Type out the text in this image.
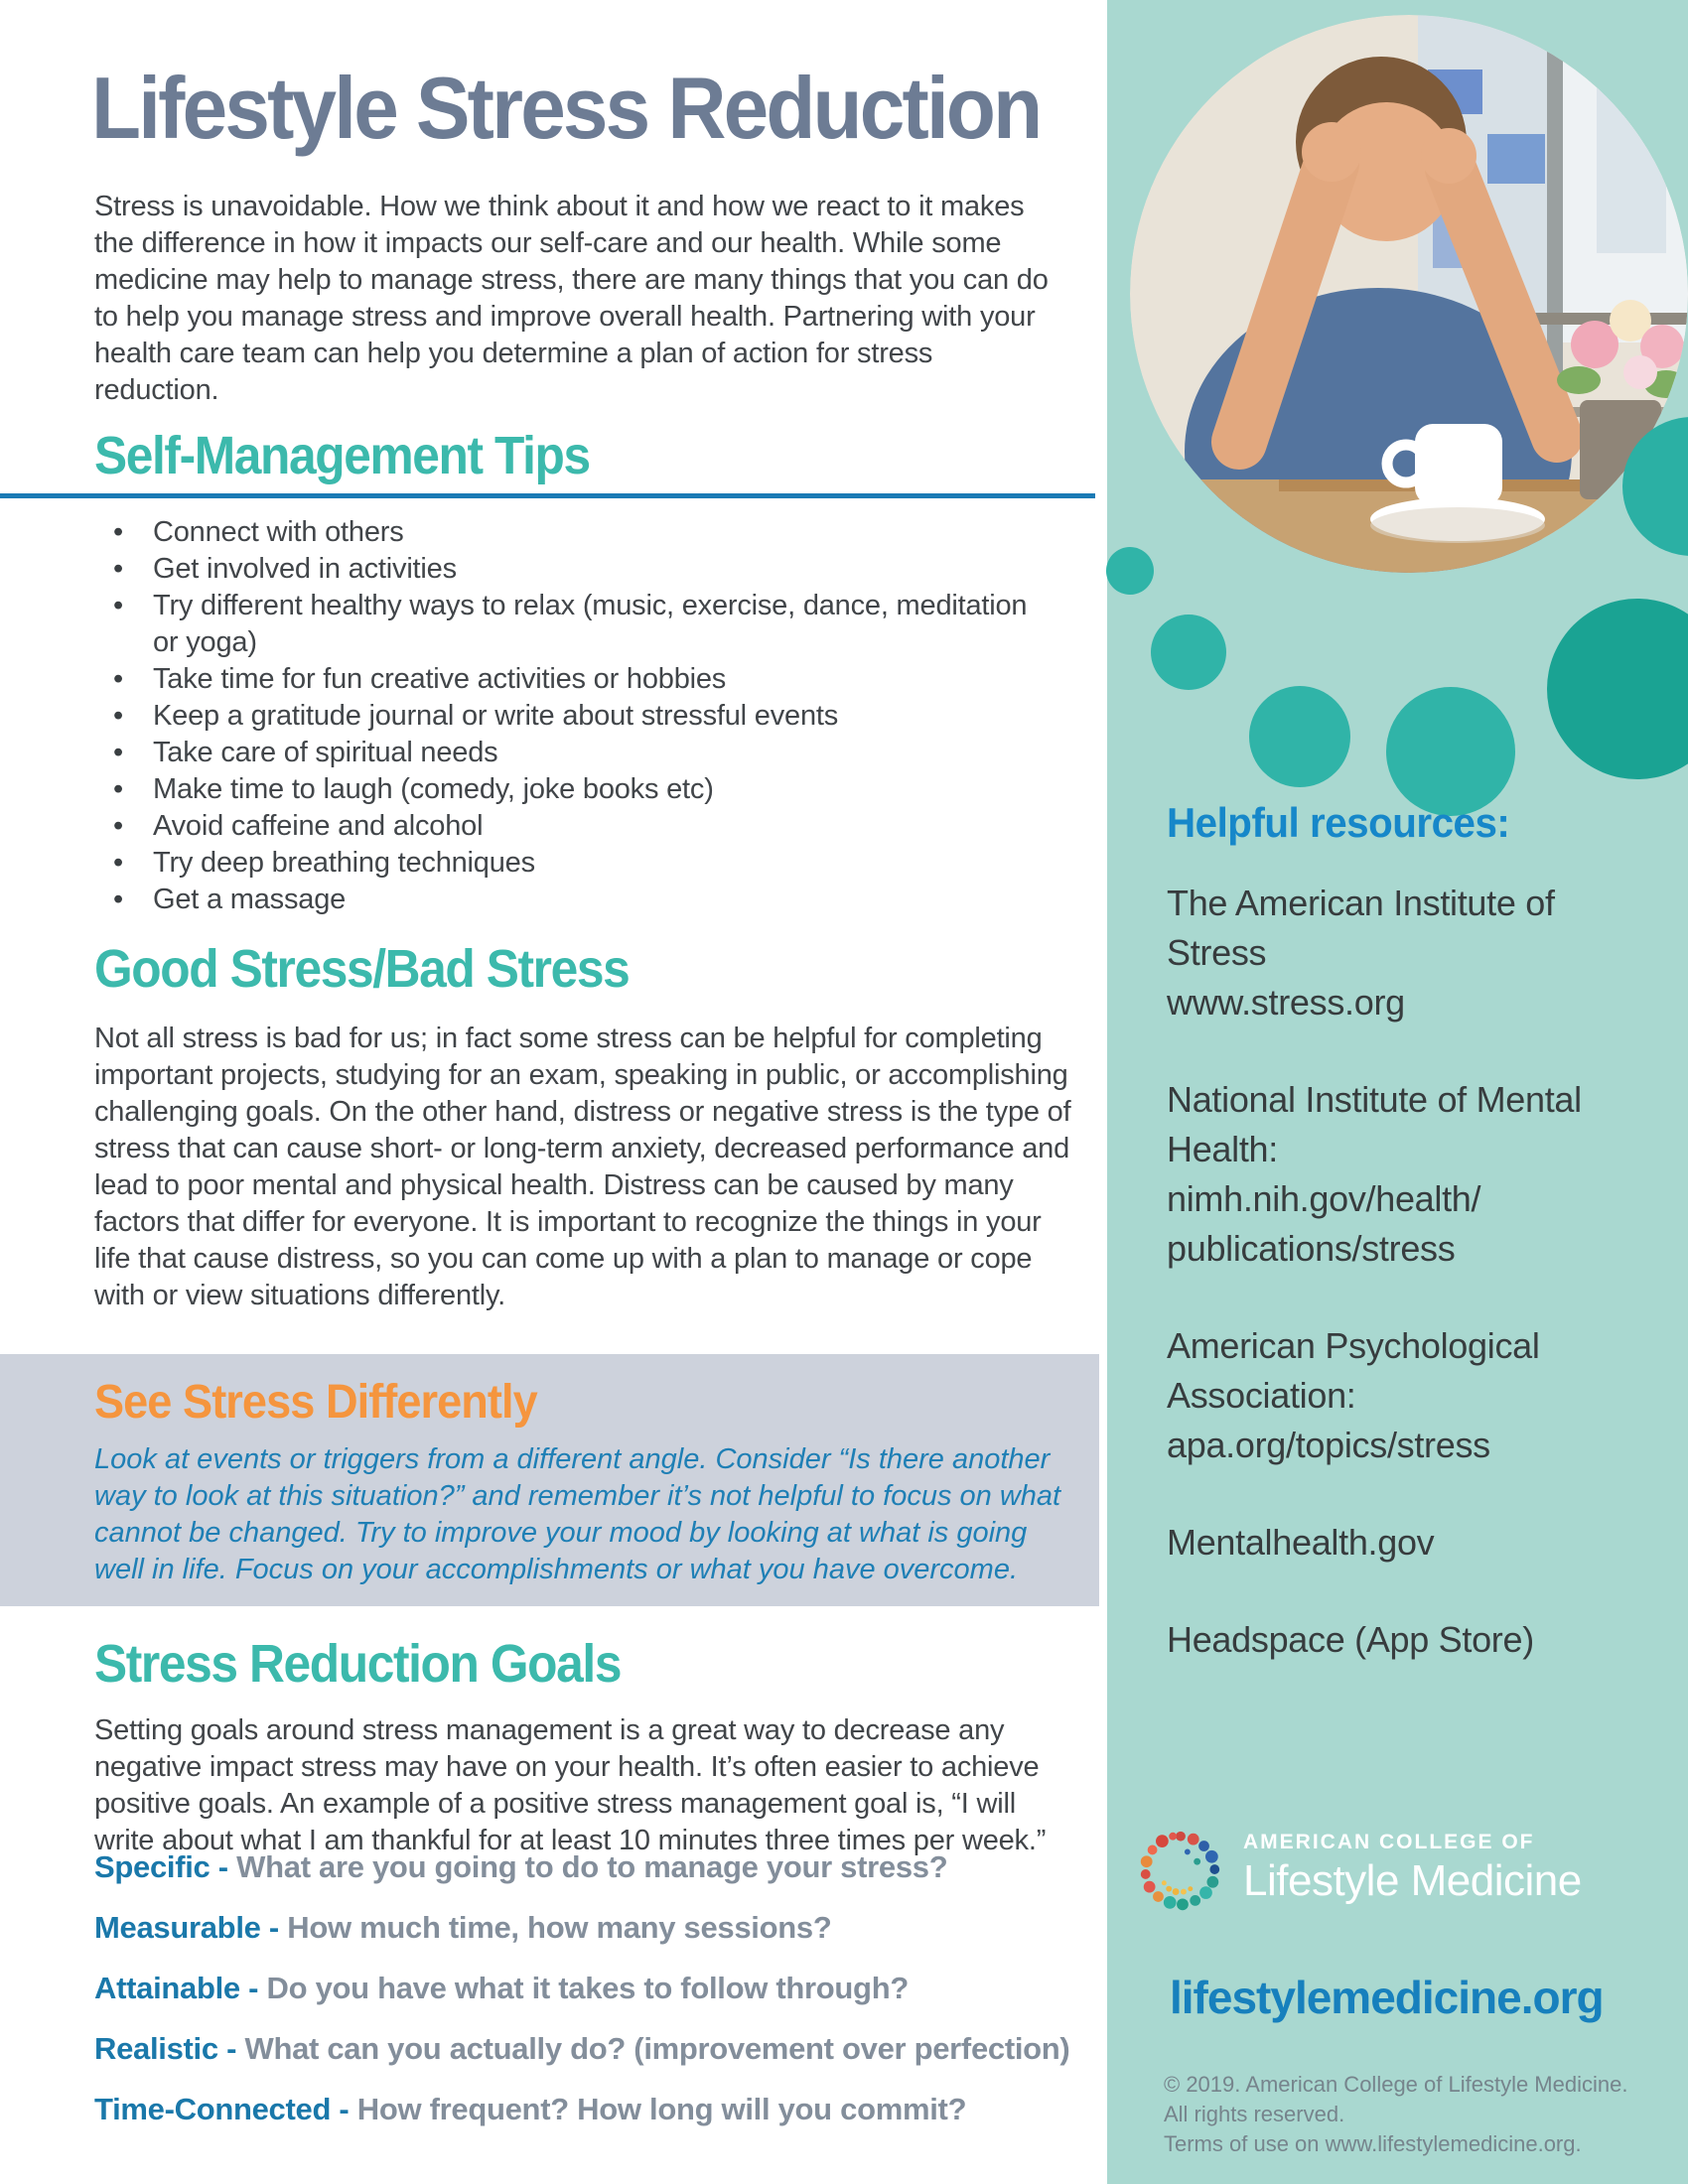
Lifestyle Stress Reduction
Stress is unavoidable. How we think about it and how we react to it makes the difference in how it impacts our self-care and our health. While some medicine may help to manage stress, there are many things that you can do to help you manage stress and improve overall health. Partnering with your health care team can help you determine a plan of action for stress reduction.
Self-Management Tips
• Connect with others
• Get involved in activities
• Try different healthy ways to relax (music, exercise, dance, meditation or yoga)
• Take time for fun creative activities or hobbies
• Keep a gratitude journal or write about stressful events
• Take care of spiritual needs
• Make time to laugh (comedy, joke books etc)
• Avoid caffeine and alcohol
• Try deep breathing techniques
• Get a massage
Good Stress/Bad Stress
Not all stress is bad for us; in fact some stress can be helpful for completing important projects, studying for an exam, speaking in public, or accomplishing challenging goals. On the other hand, distress or negative stress is the type of stress that can cause short- or long-term anxiety, decreased performance and lead to poor mental and physical health. Distress can be caused by many factors that differ for everyone. It is important to recognize the things in your life that cause distress, so you can come up with a plan to manage or cope with or view situations differently.
See Stress Differently
Look at events or triggers from a different angle. Consider “Is there another way to look at this situation?” and remember it’s not helpful to focus on what cannot be changed. Try to improve your mood by looking at what is going well in life. Focus on your accomplishments or what you have overcome.
Stress Reduction Goals
Setting goals around stress management is a great way to decrease any negative impact stress may have on your health. It’s often easier to achieve positive goals. An example of a positive stress management goal is, “I will write about what I am thankful for at least 10 minutes three times per week.”
Specific - What are you going to do to manage your stress?
Measurable - How much time, how many sessions?
Attainable - Do you have what it takes to follow through?
Realistic - What can you actually do? (improvement over perfection)
Time-Connected - How frequent? How long will you commit?
Helpful resources:
The American Institute of
Stress
www.stress.org
National Institute of Mental
Health:
nimh.nih.gov/health/
publications/stress
American Psychological
Association:
apa.org/topics/stress
Mentalhealth.gov
Headspace (App Store)
AMERICAN COLLEGE OF
Lifestyle Medicine
lifestylemedicine.org
© 2019. American College of Lifestyle Medicine.
All rights reserved.
Terms of use on www.lifestylemedicine.org.
